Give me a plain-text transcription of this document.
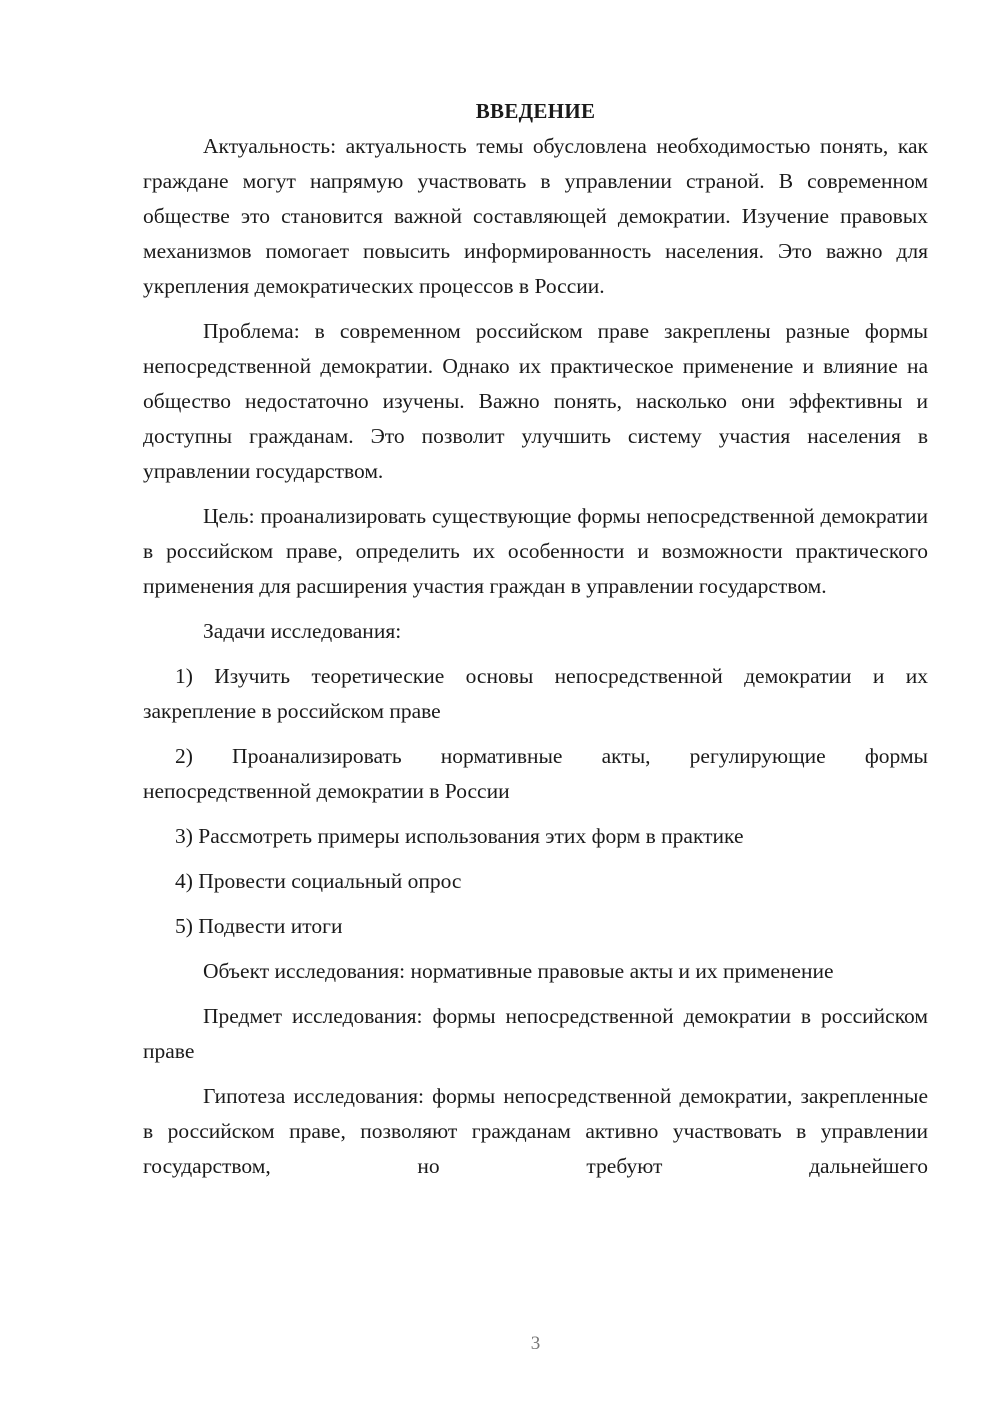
ВВЕДЕНИЕ

Актуальность: актуальность темы обусловлена необходимостью понять, как граждане могут напрямую участвовать в управлении страной. В современном обществе это становится важной составляющей демократии. Изучение правовых механизмов помогает повысить информированность населения. Это важно для укрепления демократических процессов в России.

Проблема: в современном российском праве закреплены разные формы непосредственной демократии. Однако их практическое применение и влияние на общество недостаточно изучены. Важно понять, насколько они эффективны и доступны гражданам. Это позволит улучшить систему участия населения в управлении государством.

Цель: проанализировать существующие формы непосредственной демократии в российском праве, определить их особенности и возможности практического применения для расширения участия граждан в управлении государством.

Задачи исследования:

1) Изучить теоретические основы непосредственной демократии и их закрепление в российском праве

2) Проанализировать нормативные акты, регулирующие формы непосредственной демократии в России

3) Рассмотреть примеры использования этих форм в практике

4) Провести социальный опрос

5) Подвести итоги

Объект исследования: нормативные правовые акты и их применение

Предмет исследования: формы непосредственной демократии в российском праве

Гипотеза исследования: формы непосредственной демократии, закрепленные в российском праве, позволяют гражданам активно участвовать в управлении государством, но требуют дальнейшего

3
